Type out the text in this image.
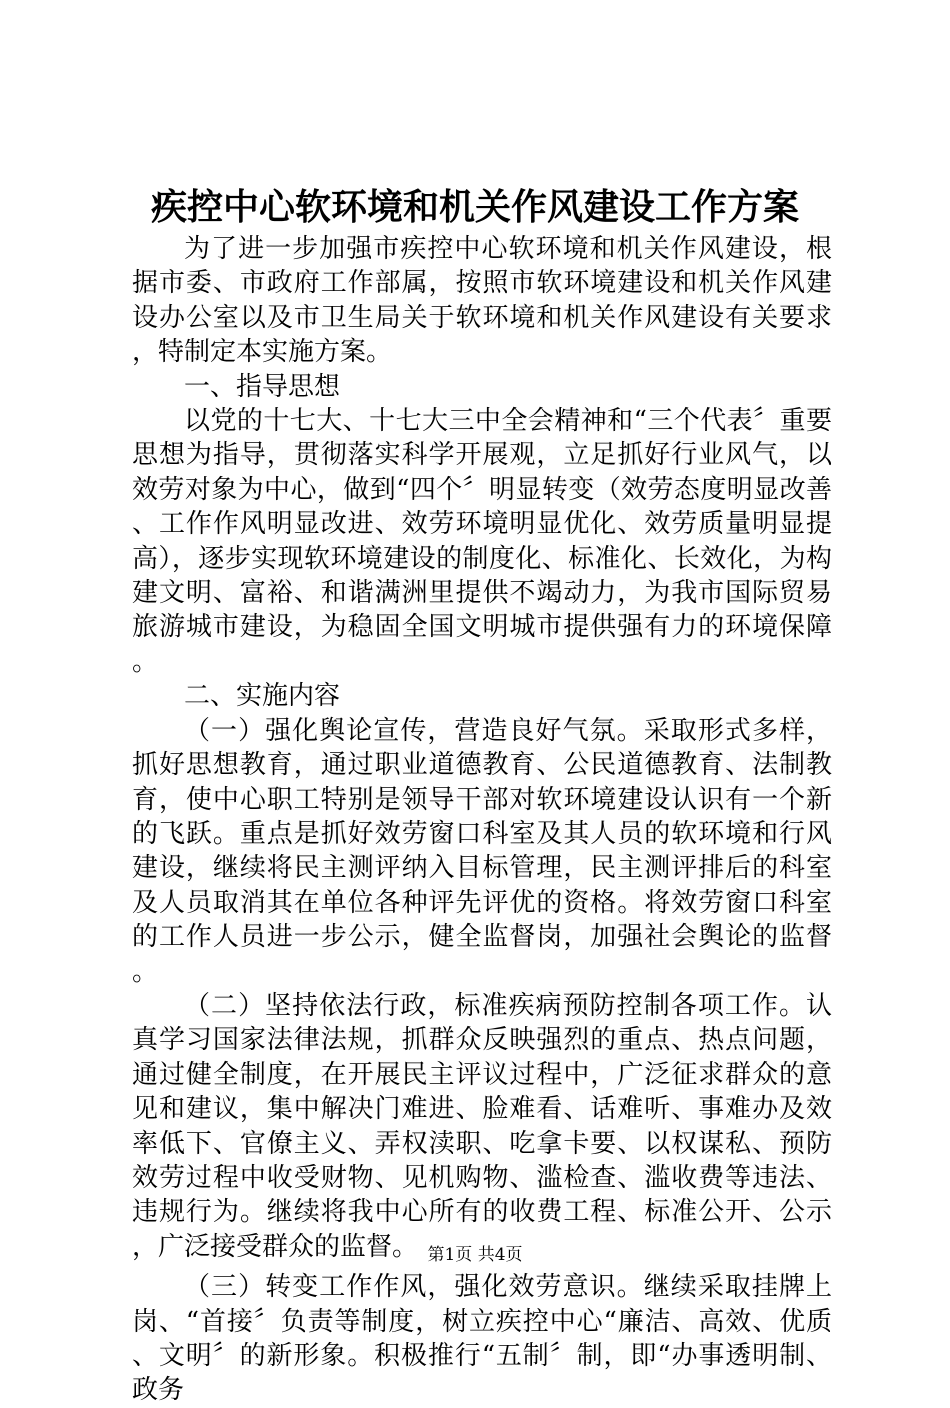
疾控中心软环境和机关作风建设工作方案

为了进一步加强市疾控中心软环境和机关作风建设，根据市委、市政府工作部属，按照市软环境建设和机关作风建设办公室以及市卫生局关于软环境和机关作风建设有关要求，特制定本实施方案。

一、指导思想

以党的十七大、十七大三中全会精神和“三个代表〞重要思想为指导，贯彻落实科学开展观，立足抓好行业风气，以效劳对象为中心，做到“四个〞明显转变（效劳态度明显改善、工作作风明显改进、效劳环境明显优化、效劳质量明显提高），逐步实现软环境建设的制度化、标准化、长效化，为构建文明、富裕、和谐满洲里提供不竭动力，为我市国际贸易旅游城市建设，为稳固全国文明城市提供强有力的环境保障。

二、实施内容

（一）强化舆论宣传，营造良好气氛。采取形式多样，抓好思想教育，通过职业道德教育、公民道德教育、法制教育，使中心职工特别是领导干部对软环境建设认识有一个新的飞跃。重点是抓好效劳窗口科室及其人员的软环境和行风建设，继续将民主测评纳入目标管理，民主测评排后的科室及人员取消其在单位各种评先评优的资格。将效劳窗口科室的工作人员进一步公示，健全监督岗，加强社会舆论的监督。

（二）坚持依法行政，标准疾病预防控制各项工作。认真学习国家法律法规，抓群众反映强烈的重点、热点问题，通过健全制度，在开展民主评议过程中，广泛征求群众的意见和建议，集中解决门难进、脸难看、话难听、事难办及效率低下、官僚主义、弄权渎职、吃拿卡要、以权谋私、预防效劳过程中收受财物、见机购物、滥检查、滥收费等违法、违规行为。继续将我中心所有的收费工程、标准公开、公示，广泛接受群众的监督。

（三）转变工作作风，强化效劳意识。继续采取挂牌上岗、“首接〞负责等制度，树立疾控中心“廉洁、高效、优质、文明〞的新形象。积极推行“五制〞制，即“办事透明制、政务

第1页 共4页
